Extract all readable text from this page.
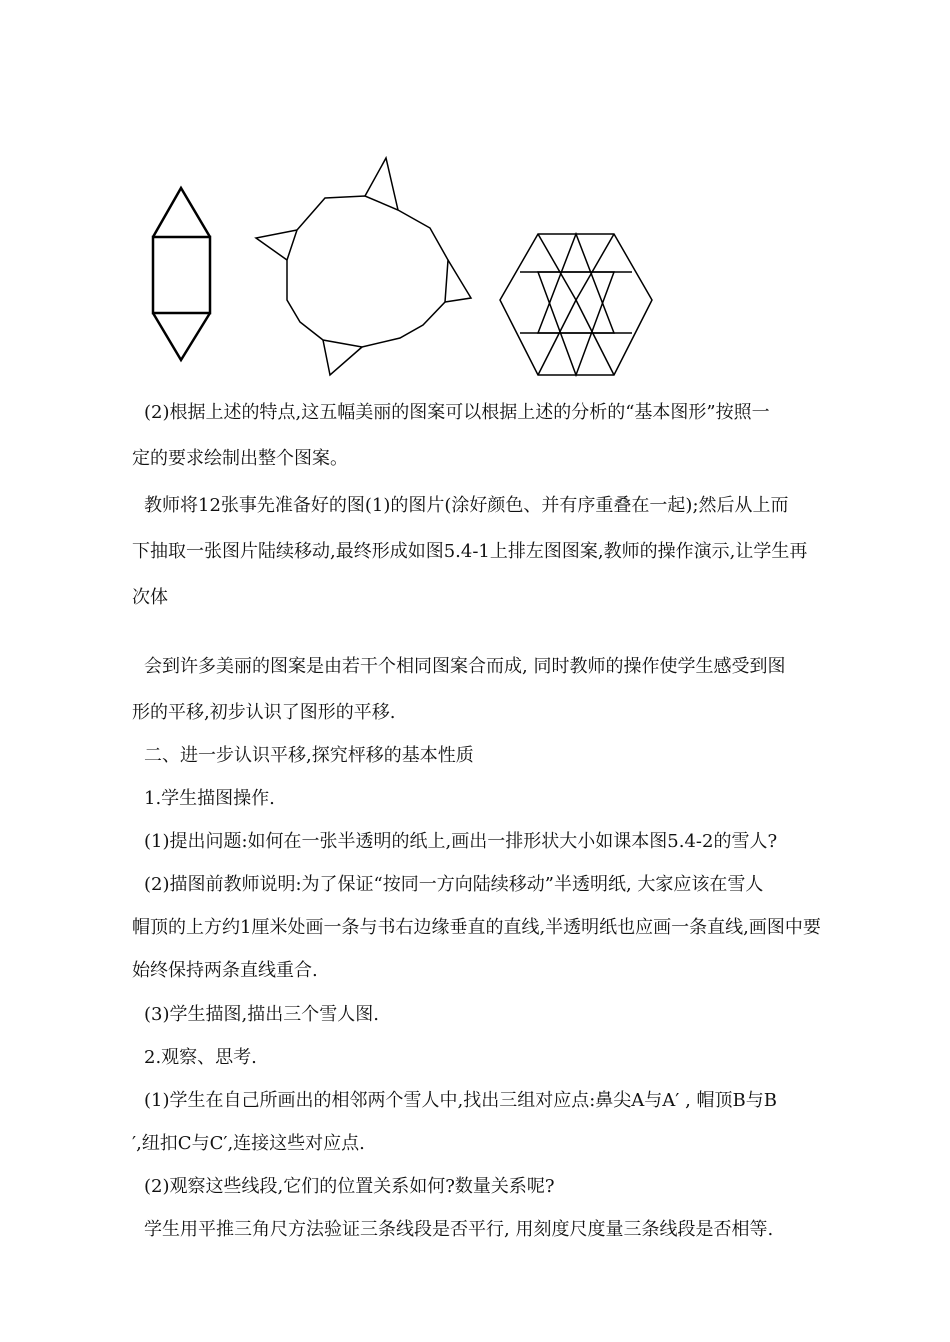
(2)根据上述的特点,这五幅美丽的图案可以根据上述的分析的“基本图形”按照一
定的要求绘制出整个图案。
教师将12张事先准备好的图(1)的图片(涂好颜色、并有序重叠在一起);然后从上而
下抽取一张图片陆续移动,最终形成如图5.4-1上排左图图案,教师的操作演示,让学生再
次体
会到许多美丽的图案是由若干个相同图案合而成, 同时教师的操作使学生感受到图
形的平移,初步认识了图形的平移.
二、进一步认识平移,探究枰移的基本性质
1.学生描图操作.
(1)提出问题:如何在一张半透明的纸上,画出一排形状大小如课本图5.4-2的雪人?
(2)描图前教师说明:为了保证“按同一方向陆续移动”半透明纸, 大家应该在雪人
帽顶的上方约1厘米处画一条与书右边缘垂直的直线,半透明纸也应画一条直线,画图中要
始终保持两条直线重合.
(3)学生描图,描出三个雪人图.
2.观察、思考.
(1)学生在自己所画出的相邻两个雪人中,找出三组对应点:鼻尖A与A′ , 帽顶B与B
′,纽扣C与C′,连接这些对应点.
(2)观察这些线段,它们的位置关系如何?数量关系呢?
学生用平推三角尺方法验证三条线段是否平行, 用刻度尺度量三条线段是否相等.
